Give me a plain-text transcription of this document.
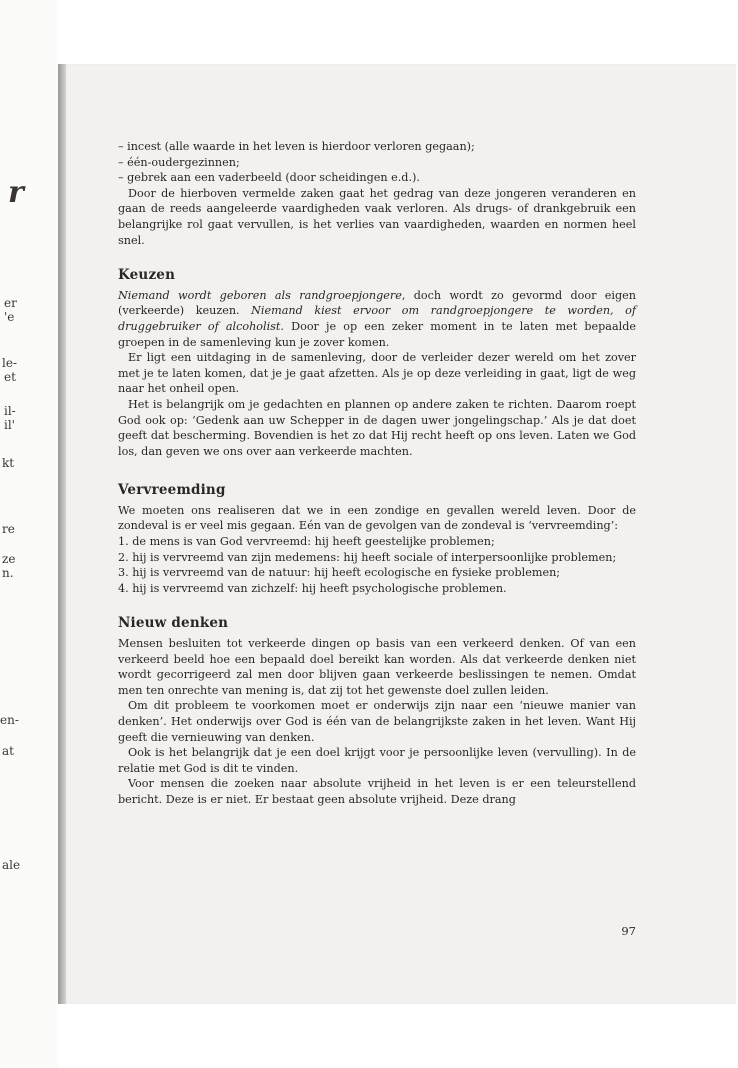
r
er
'e
le-
et
il-
il'
kt
re
ze
n.
en-
at
ale
– incest (alle waarde in het leven is hierdoor verloren gegaan);
– één-oudergezinnen;
– gebrek aan een vaderbeeld (door scheidingen e.d.).

Door de hierboven vermelde zaken gaat het gedrag van deze jongeren veranderen en gaan de reeds aangeleerde vaardigheden vaak verloren. Als drugs- of drankgebruik een belangrijke rol gaat vervullen, is het verlies van vaardigheden, waarden en normen heel snel.

Keuzen

Niemand wordt geboren als randgroepjongere, doch wordt zo gevormd door eigen (verkeerde) keuzen. Niemand kiest ervoor om randgroepjongere te worden, of druggebruiker of alcoholist. Door je op een zeker moment in te laten met bepaalde groepen in de samenleving kun je zover komen.

Er ligt een uitdaging in de samenleving, door de verleider dezer wereld om het zover met je te laten komen, dat je je gaat afzetten. Als je op deze verleiding in gaat, ligt de weg naar het onheil open.

Het is belangrijk om je gedachten en plannen op andere zaken te richten. Daarom roept God ook op: ‘Gedenk aan uw Schepper in de dagen uwer jongelingschap.’ Als je dat doet geeft dat bescherming. Bovendien is het zo dat Hij recht heeft op ons leven. Laten we God los, dan geven we ons over aan verkeerde machten.

Vervreemding

We moeten ons realiseren dat we in een zondige en gevallen wereld leven. Door de zondeval is er veel mis gegaan. Eén van de gevolgen van de zondeval is ‘vervreemding’:

1. de mens is van God vervreemd: hij heeft geestelijke problemen;
2. hij is vervreemd van zijn medemens: hij heeft sociale of interpersoonlijke problemen;
3. hij is vervreemd van de natuur: hij heeft ecologische en fysieke problemen;
4. hij is vervreemd van zichzelf: hij heeft psychologische problemen.
Nieuw denken

Mensen besluiten tot verkeerde dingen op basis van een verkeerd denken. Of van een verkeerd beeld hoe een bepaald doel bereikt kan worden. Als dat verkeerde denken niet wordt gecorrigeerd zal men door blijven gaan verkeerde beslissingen te nemen. Omdat men ten onrechte van mening is, dat zij tot het gewenste doel zullen leiden.

Om dit probleem te voorkomen moet er onderwijs zijn naar een ‘nieuwe manier van denken’. Het onderwijs over God is één van de belangrijkste zaken in het leven. Want Hij geeft die vernieuwing van denken.

Ook is het belangrijk dat je een doel krijgt voor je persoonlijke leven (vervulling). In de relatie met God is dit te vinden.

Voor mensen die zoeken naar absolute vrijheid in het leven is er een teleurstellend bericht. Deze is er niet. Er bestaat geen absolute vrijheid. Deze drang

97
